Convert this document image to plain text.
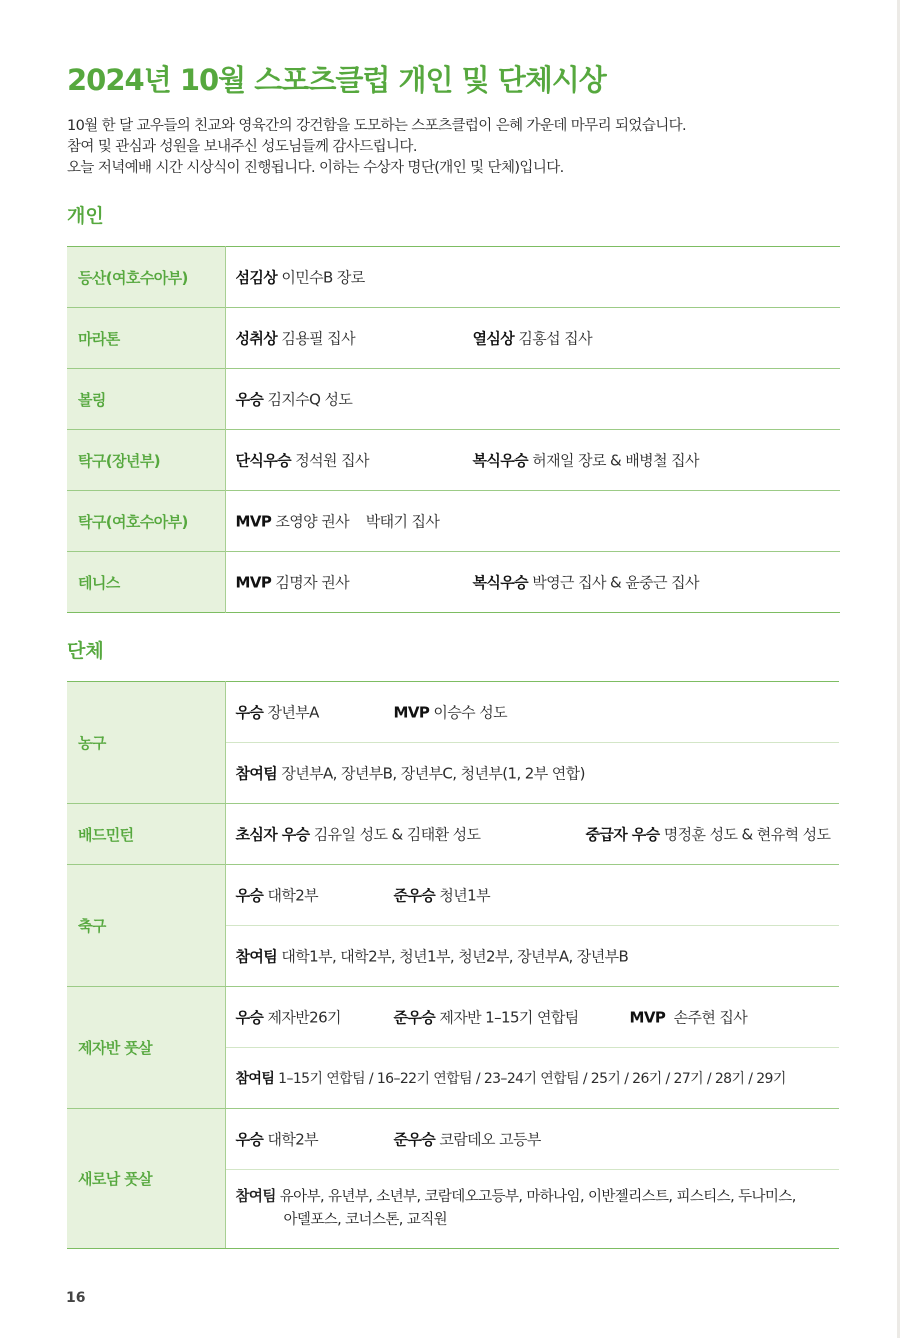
2024년 10월 스포츠클럽 개인 및 단체시상
10월 한 달 교우들의 친교와 영육간의 강건함을 도모하는 스포츠클럽이 은혜 가운데 마무리 되었습니다.
참여 및 관심과 성원을 보내주신 성도님들께 감사드립니다.
오늘 저녁예배 시간 시상식이 진행됩니다. 이하는 수상자 명단(개인 및 단체)입니다.
개인
등산(여호수아부)	섬김상 이민수B 장로

마라톤	성취상 김용필 집사 열심상 김홍섭 집사

볼링	우승 김지수Q 성도

탁구(장년부)	단식우승 정석원 집사 복식우승 허재일 장로 & 배병철 집사

탁구(여호수아부)	MVP 조영양 권사    박태기 집사

테니스	MVP 김명자 권사 복식우승 박영근 집사 & 윤중근 집사
단체
농구	우승 장년부A MVP 이승수 성도

	참여팀 장년부A, 장년부B, 장년부C, 청년부(1, 2부 연합)

배드민턴	초심자 우승 김유일 성도 & 김태환 성도 중급자 우승 명정훈 성도 & 현유혁 성도

축구	우승 대학2부 준우승 청년1부

	참여팀 대학1부, 대학2부, 청년1부, 청년2부, 장년부A, 장년부B

제자반 풋살	우승 제자반26기 준우승 제자반 1–15기 연합팀 MVP  손주현 집사

	참여팀 1–15기 연합팀 / 16–22기 연합팀 / 23–24기 연합팀 / 25기 / 26기 / 27기 / 28기 / 29기

새로남 풋살	우승 대학2부 준우승 코람데오 고등부

	참여팀 유아부, 유년부, 소년부, 코람데오고등부, 마하나임, 이반젤리스트, 피스티스, 두나미스,
아델포스, 코너스톤, 교직원
16
